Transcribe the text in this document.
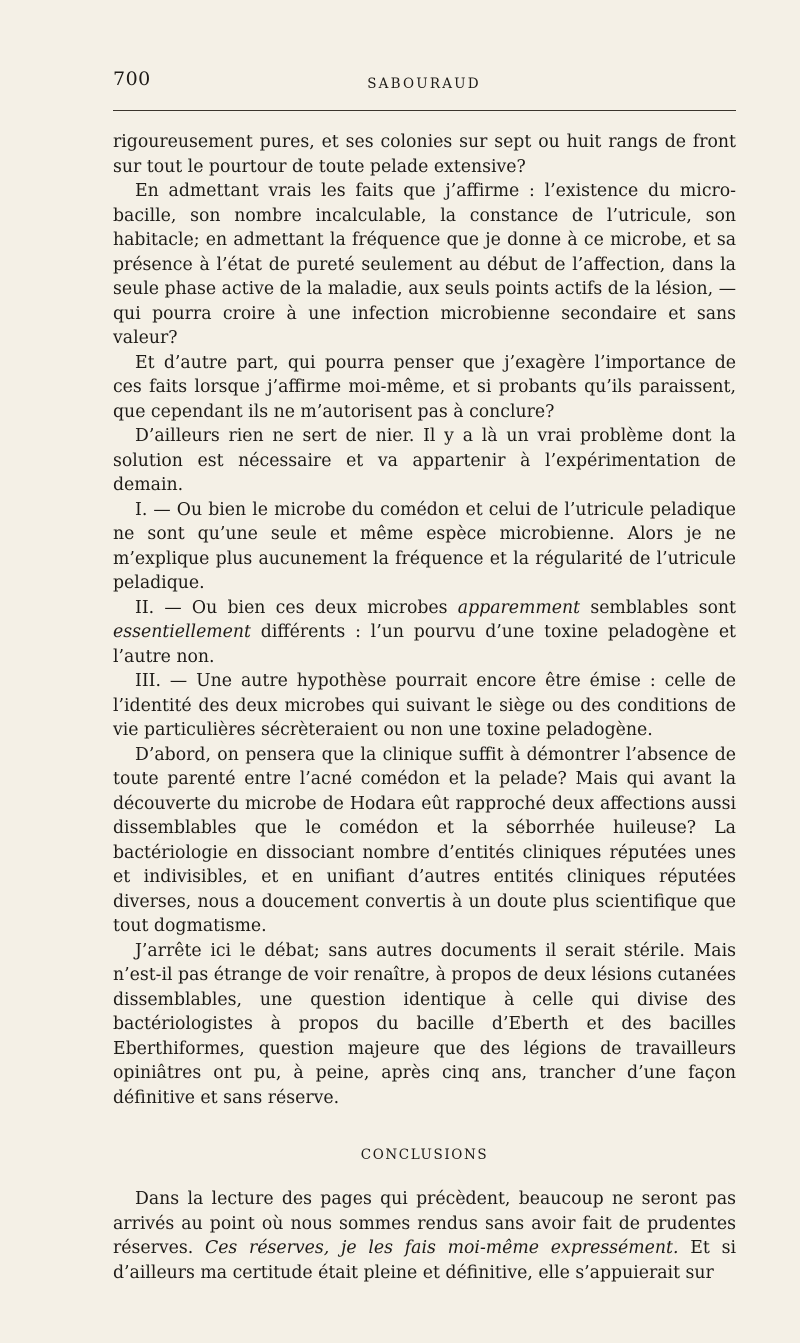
700	SABOURAUD

rigoureusement pures, et ses colonies sur sept ou huit rangs de front sur tout le pourtour de toute pelade extensive?

En admettant vrais les faits que j’affirme : l’existence du micro-bacille, son nombre incalculable, la constance de l’utricule, son habitacle; en admettant la fréquence que je donne à ce microbe, et sa présence à l’état de pureté seulement au début de l’affection, dans la seule phase active de la maladie, aux seuls points actifs de la lésion, — qui pourra croire à une infection microbienne secondaire et sans valeur?

Et d’autre part, qui pourra penser que j’exagère l’importance de ces faits lorsque j’affirme moi-même, et si probants qu’ils paraissent, que cependant ils ne m’autorisent pas à conclure?

D’ailleurs rien ne sert de nier. Il y a là un vrai problème dont la solution est nécessaire et va appartenir à l’expérimentation de demain.

I. — Ou bien le microbe du comédon et celui de l’utricule peladique ne sont qu’une seule et même espèce microbienne. Alors je ne m’explique plus aucunement la fréquence et la régularité de l’utricule peladique.

II. — Ou bien ces deux microbes apparemment semblables sont essentiellement différents : l’un pourvu d’une toxine peladogène et l’autre non.

III. — Une autre hypothèse pourrait encore être émise : celle de l’identité des deux microbes qui suivant le siège ou des conditions de vie particulières sécrèteraient ou non une toxine peladogène.

D’abord, on pensera que la clinique suffit à démontrer l’absence de toute parenté entre l’acné comédon et la pelade? Mais qui avant la découverte du microbe de Hodara eût rapproché deux affections aussi dissemblables que le comédon et la séborrhée huileuse? La bactériologie en dissociant nombre d’entités cliniques réputées unes et indivisibles, et en unifiant d’autres entités cliniques réputées diverses, nous a doucement convertis à un doute plus scientifique que tout dogmatisme.

J’arrête ici le débat; sans autres documents il serait stérile. Mais n’est-il pas étrange de voir renaître, à propos de deux lésions cutanées dissemblables, une question identique à celle qui divise des bactériologistes à propos du bacille d’Eberth et des bacilles Eberthiformes, question majeure que des légions de travailleurs opiniâtres ont pu, à peine, après cinq ans, trancher d’une façon définitive et sans réserve.

CONCLUSIONS

Dans la lecture des pages qui précèdent, beaucoup ne seront pas arrivés au point où nous sommes rendus sans avoir fait de prudentes réserves. Ces réserves, je les fais moi-même expressément. Et si d’ailleurs ma certitude était pleine et définitive, elle s’appuierait sur
